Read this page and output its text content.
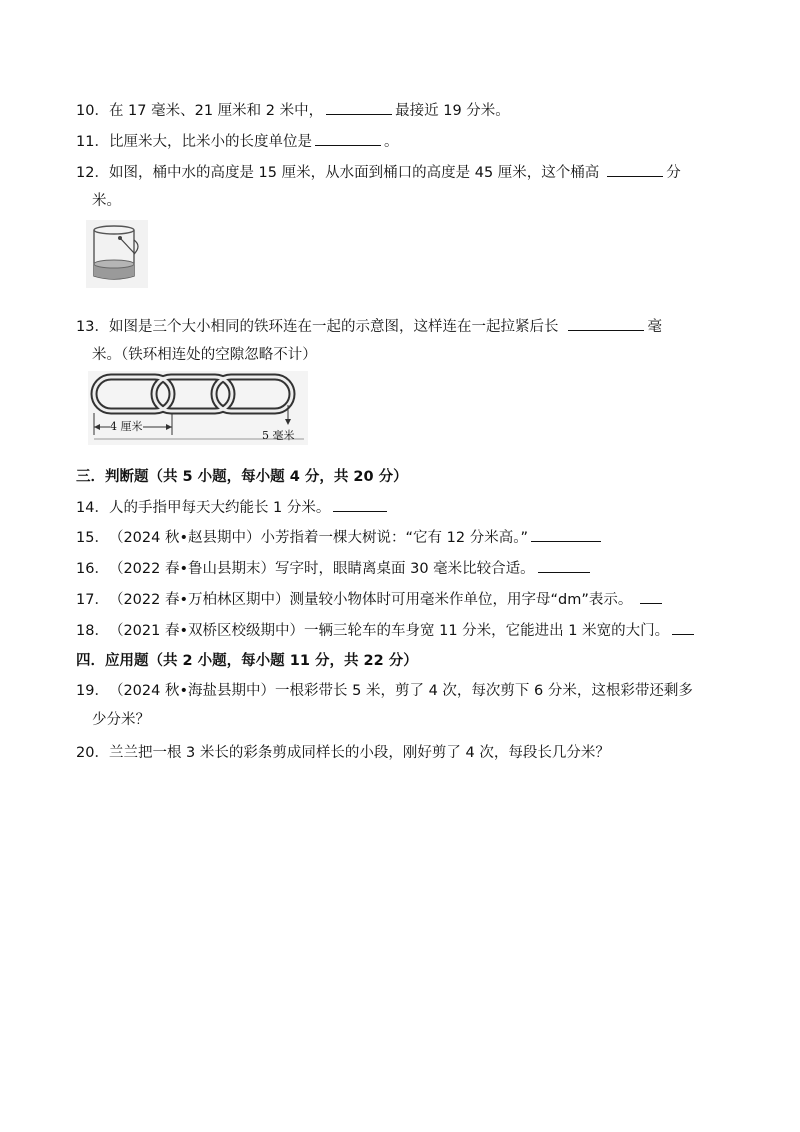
10．在 17 毫米、21 厘米和 2 米中，	最接近 19 分米。
11．比厘米大，比米小的长度单位是	。
12．如图，桶中水的高度是 15 厘米，从水面到桶口的高度是 45 厘米，这个桶高	分
米。
13．如图是三个大小相同的铁环连在一起的示意图，这样连在一起拉紧后长	毫
米。（铁环相连处的空隙忽略不计）
4 厘米
5 毫米
三．判断题（共 5 小题，每小题 4 分，共 20 分）
14．人的手指甲每天大约能长 1 分米。
15．（2024 秋•赵县期中）小芳指着一棵大树说：“它有 12 分米高。”
16．（2022 春•鲁山县期末）写字时，眼睛离桌面 30 毫米比较合适。
17．（2022 春•万柏林区期中）测量较小物体时可用毫米作单位，用字母“dm”表示。
18．（2021 春•双桥区校级期中）一辆三轮车的车身宽 11 分米，它能进出 1 米宽的大门。
四．应用题（共 2 小题，每小题 11 分，共 22 分）
19．（2024 秋•海盐县期中）一根彩带长 5 米，剪了 4 次，每次剪下 6 分米，这根彩带还剩多
少分米？
20．兰兰把一根 3 米长的彩条剪成同样长的小段，刚好剪了 4 次，每段长几分米？
